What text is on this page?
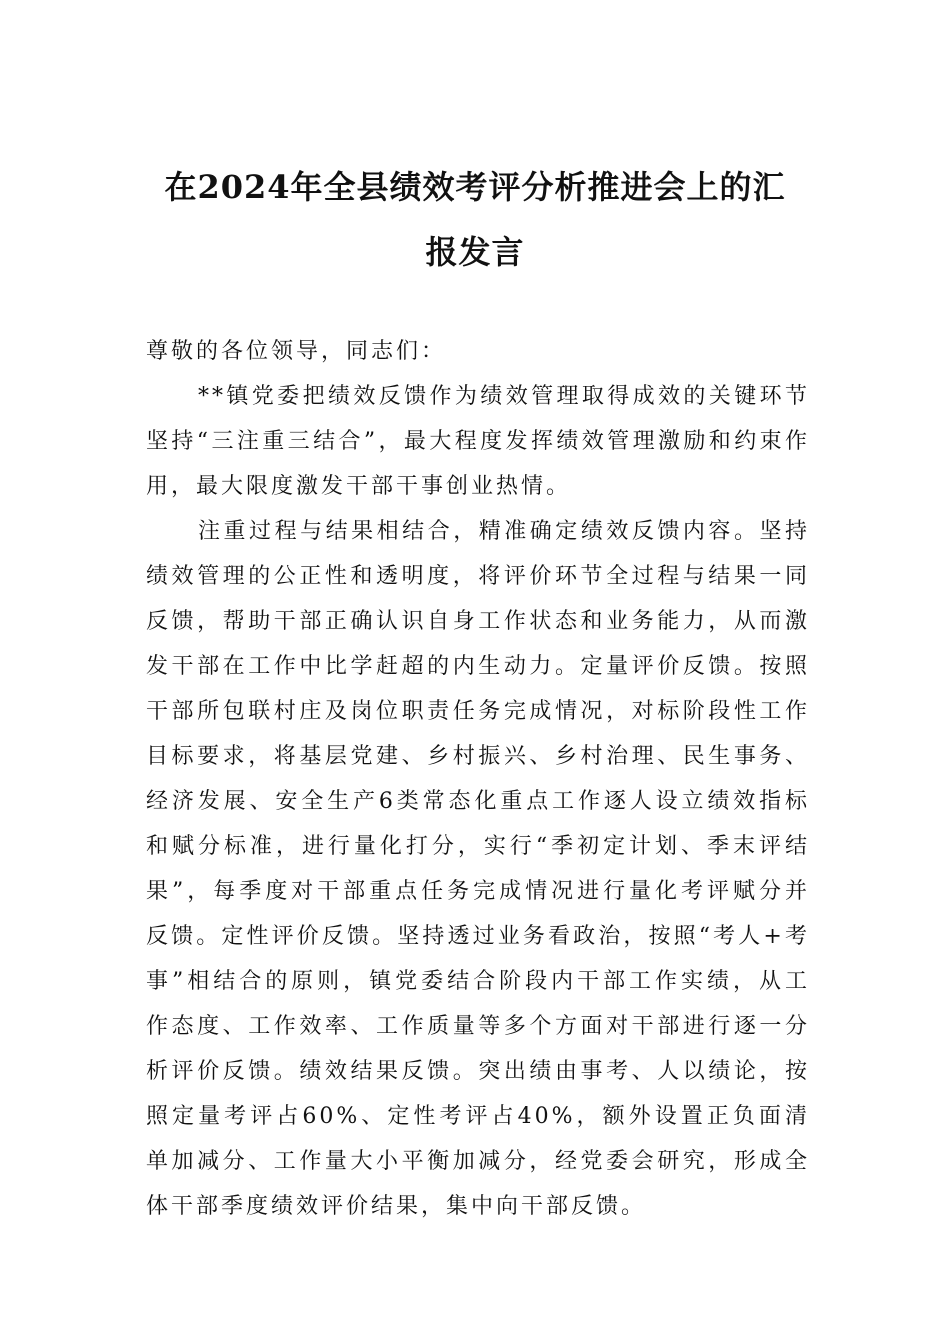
在2024年全县绩效考评分析推进会上的汇
报发言

尊敬的各位领导，同志们：

**镇党委把绩效反馈作为绩效管理取得成效的关键环节坚持“三注重三结合”，最大程度发挥绩效管理激励和约束作用，最大限度激发干部干事创业热情。

注重过程与结果相结合，精准确定绩效反馈内容。坚持绩效管理的公正性和透明度，将评价环节全过程与结果一同反馈，帮助干部正确认识自身工作状态和业务能力，从而激发干部在工作中比学赶超的内生动力。定量评价反馈。按照干部所包联村庄及岗位职责任务完成情况，对标阶段性工作目标要求，将基层党建、乡村振兴、乡村治理、民生事务、经济发展、安全生产6类常态化重点工作逐人设立绩效指标和赋分标准，进行量化打分，实行“季初定计划、季末评结果”，每季度对干部重点任务完成情况进行量化考评赋分并反馈。定性评价反馈。坚持透过业务看政治，按照“考人+考事”相结合的原则，镇党委结合阶段内干部工作实绩，从工作态度、工作效率、工作质量等多个方面对干部进行逐一分析评价反馈。绩效结果反馈。突出绩由事考、人以绩论，按照定量考评占60%、定性考评占40%，额外设置正负面清单加减分、工作量大小平衡加减分，经党委会研究，形成全体干部季度绩效评价结果，集中向干部反馈。
